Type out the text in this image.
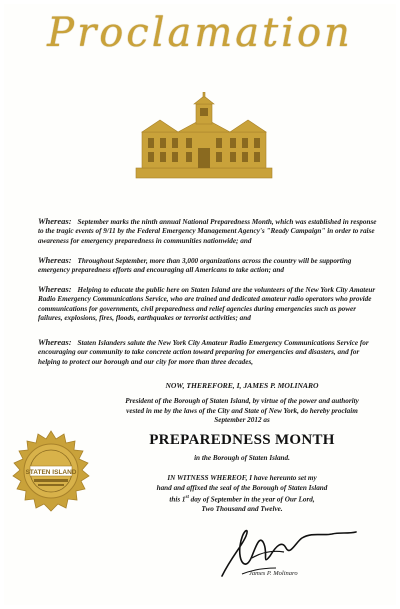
Proclamation
Whereas: September marks the ninth annual National Preparedness Month, which was established in response to the tragic events of 9/11 by the Federal Emergency Management Agency's "Ready Campaign" in order to raise awareness for emergency preparedness in communities nationwide; and
Whereas: Throughout September, more than 3,000 organizations across the country will be supporting emergency preparedness efforts and encouraging all Americans to take action; and
Whereas: Helping to educate the public here on Staten Island are the volunteers of the New York City Amateur Radio Emergency Communications Service, who are trained and dedicated amateur radio operators who provide communications for governments, civil preparedness and relief agencies during emergencies such as power failures, explosions, fires, floods, earthquakes or terrorist activities; and
Whereas: Staten Islanders salute the New York City Amateur Radio Emergency Communications Service for encouraging our community to take concrete action toward preparing for emergencies and disasters, and for helping to protect our borough and our city for more than three decades,
NOW, THEREFORE, I, JAMES P. MOLINARO
President of the Borough of Staten Island, by virtue of the power and authority vested in me by the laws of the City and State of New York, do hereby proclaim September 2012 as
PREPAREDNESS MONTH
in the Borough of Staten Island.
IN WITNESS WHEREOF, I have hereunto set my
hand and affixed the seal of the Borough of Staten Island
this 1st day of September in the year of Our Lord,
Two Thousand and Twelve.
STATEN ISLAND
James P. Molinaro
